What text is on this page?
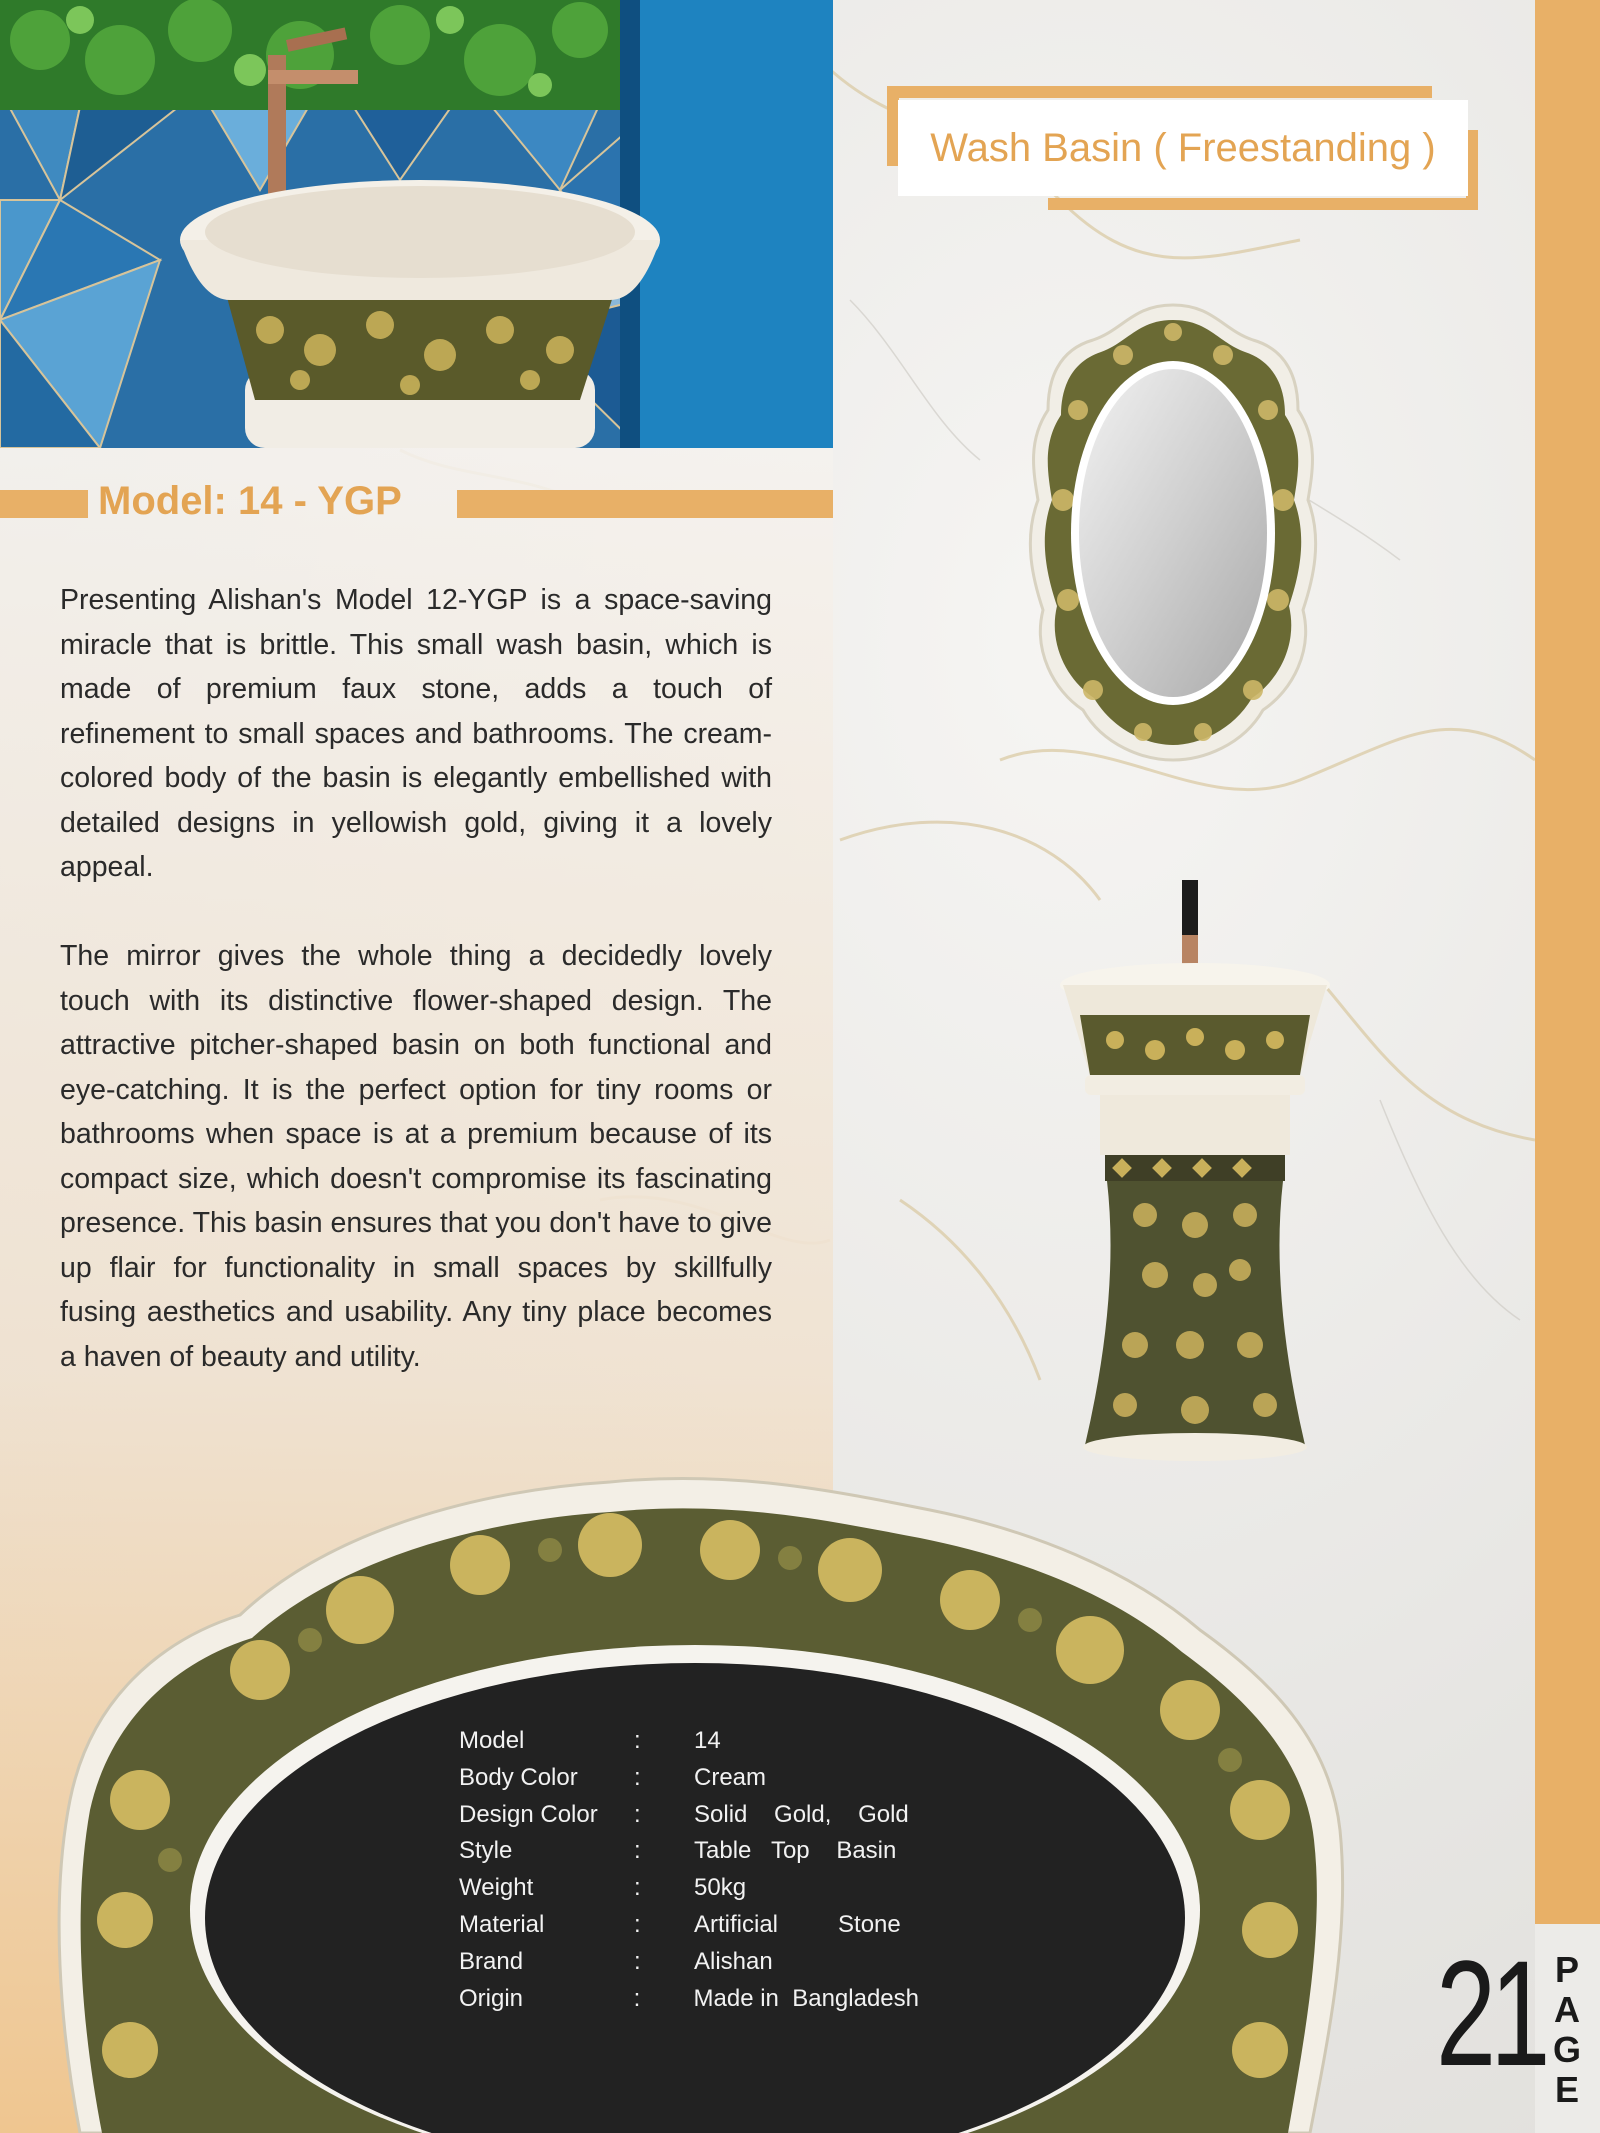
Wash Basin ( Freestanding )
Model: 14 - YGP
Presenting Alishan's Model 12-YGP is a space-saving miracle that is brittle. This small wash basin, which is made of premium faux stone, adds a touch of refinement to small spaces and bathrooms. The cream-colored body of the basin is elegantly embellished with detailed designs in yellowish gold, giving it a lovely appeal.
The mirror gives the whole thing a decidedly lovely touch with its distinctive flower-shaped design. The attractive pitcher-shaped basin on both functional and eye-catching. It is the perfect option for tiny rooms or bathrooms when space is at a premium because of its compact size, which doesn't compromise its fascinating presence. This basin ensures that you don't have to give up flair for functionality in small spaces by skillfully fusing aesthetics and usability. Any tiny place becomes a haven of beauty and utility.
Model	:	14
Body Color	:	Cream
Design Color	:	Solid    Gold,    Gold
Style	:	Table   Top    Basin
Weight	:	50kg
Material	:	Artificial         Stone
Brand	:	Alishan
Origin	:	Made in  Bangladesh	21 P
A
G
E
